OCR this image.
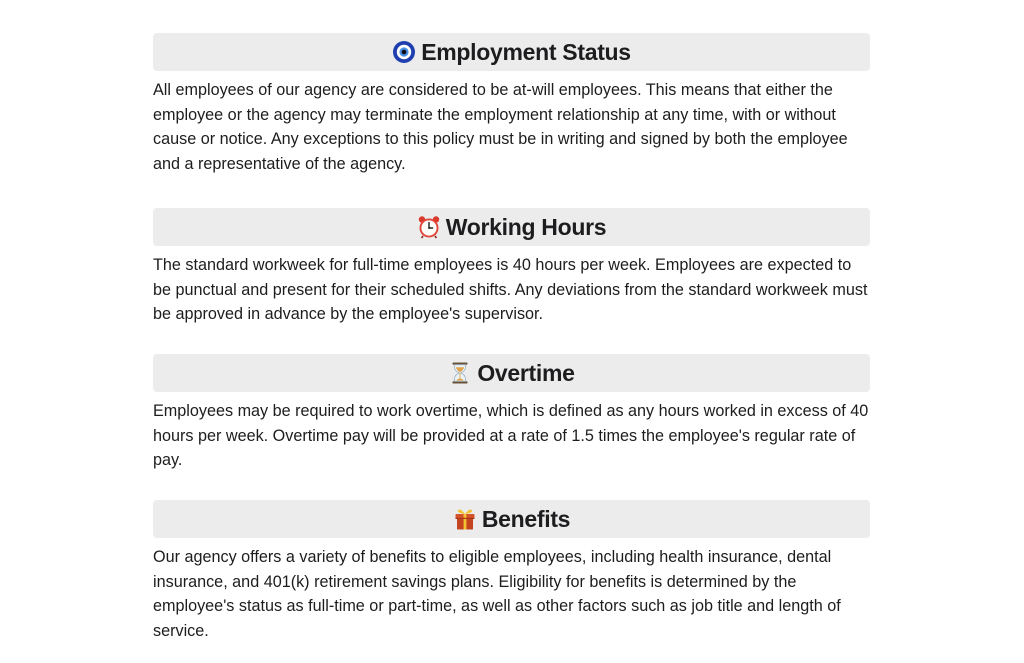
Employment Status

All employees of our agency are considered to be at-will employees. This means that either the employee or the agency may terminate the employment relationship at any time, with or without cause or notice. Any exceptions to this policy must be in writing and signed by both the employee and a representative of the agency.

Working Hours

The standard workweek for full-time employees is 40 hours per week. Employees are expected to be punctual and present for their scheduled shifts. Any deviations from the standard workweek must be approved in advance by the employee's supervisor.

Overtime

Employees may be required to work overtime, which is defined as any hours worked in excess of 40 hours per week. Overtime pay will be provided at a rate of 1.5 times the employee's regular rate of pay.

Benefits

Our agency offers a variety of benefits to eligible employees, including health insurance, dental insurance, and 401(k) retirement savings plans. Eligibility for benefits is determined by the employee's status as full-time or part-time, as well as other factors such as job title and length of service.
